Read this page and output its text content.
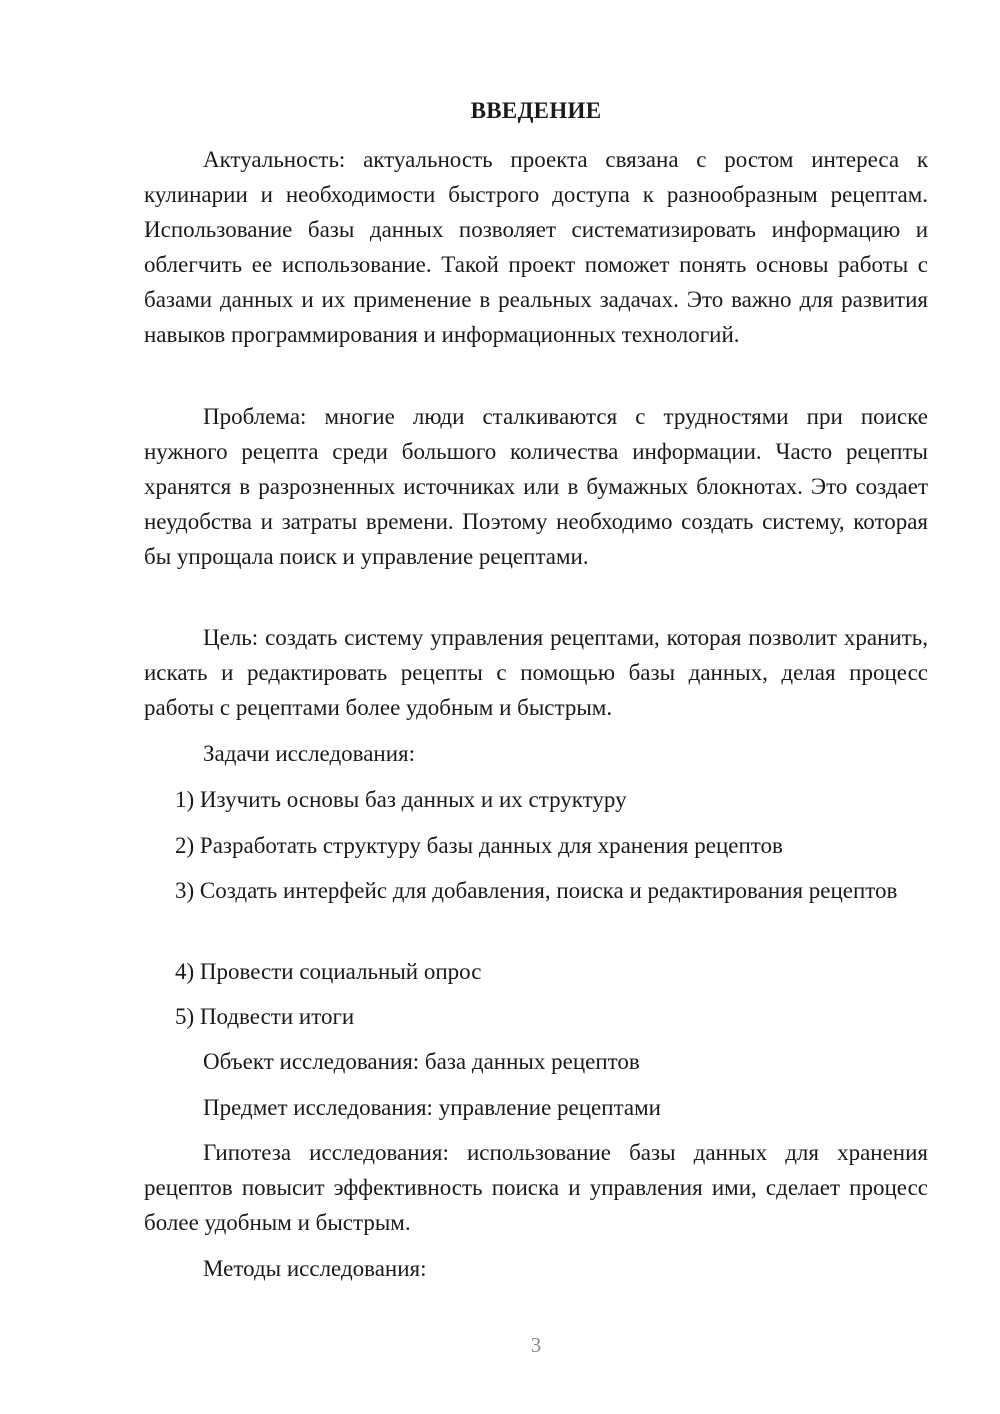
ВВЕДЕНИЕ

Актуальность: актуальность проекта связана с ростом интереса к кулинарии и необходимости быстрого доступа к разнообразным рецептам. Использование базы данных позволяет систематизировать информацию и облегчить ее использование. Такой проект поможет понять основы работы с базами данных и их применение в реальных задачах. Это важно для развития навыков программирования и информационных технологий.

Проблема: многие люди сталкиваются с трудностями при поиске нужного рецепта среди большого количества информации. Часто рецепты хранятся в разрозненных источниках или в бумажных блокнотах. Это создает неудобства и затраты времени. Поэтому необходимо создать систему, которая бы упрощала поиск и управление рецептами.

Цель: создать систему управления рецептами, которая позволит хранить, искать и редактировать рецепты с помощью базы данных, делая процесс работы с рецептами более удобным и быстрым.

Задачи исследования:

1) Изучить основы баз данных и их структуру

2) Разработать структуру базы данных для хранения рецептов

3) Создать интерфейс для добавления, поиска и редактирования рецептов

4) Провести социальный опрос

5) Подвести итоги

Объект исследования: база данных рецептов

Предмет исследования: управление рецептами

Гипотеза исследования: использование базы данных для хранения рецептов повысит эффективность поиска и управления ими, сделает процесс более удобным и быстрым.

Методы исследования:

3
